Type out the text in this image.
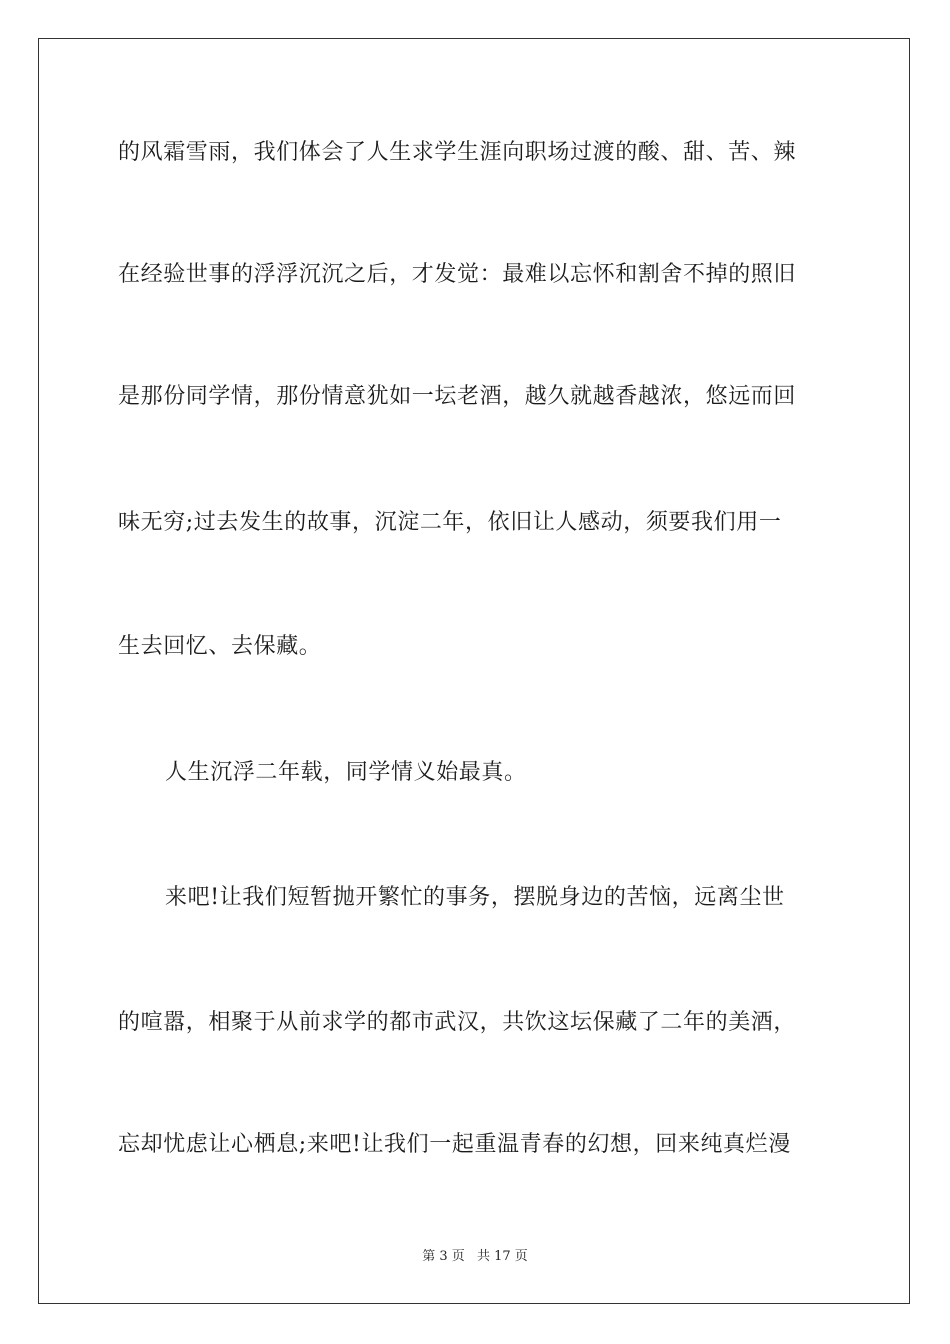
的风霜雪雨，我们体会了人生求学生涯向职场过渡的酸、甜、苦、辣
在经验世事的浮浮沉沉之后，才发觉：最难以忘怀和割舍不掉的照旧
是那份同学情，那份情意犹如一坛老酒，越久就越香越浓，悠远而回
味无穷;过去发生的故事，沉淀二年，依旧让人感动，须要我们用一
生去回忆、去保藏。
人生沉浮二年载，同学情义始最真。
来吧!让我们短暂抛开繁忙的事务，摆脱身边的苦恼，远离尘世
的喧嚣，相聚于从前求学的都市武汉，共饮这坛保藏了二年的美酒，
忘却忧虑让心栖息;来吧!让我们一起重温青春的幻想，回来纯真烂漫
第 3 页 共 17 页
